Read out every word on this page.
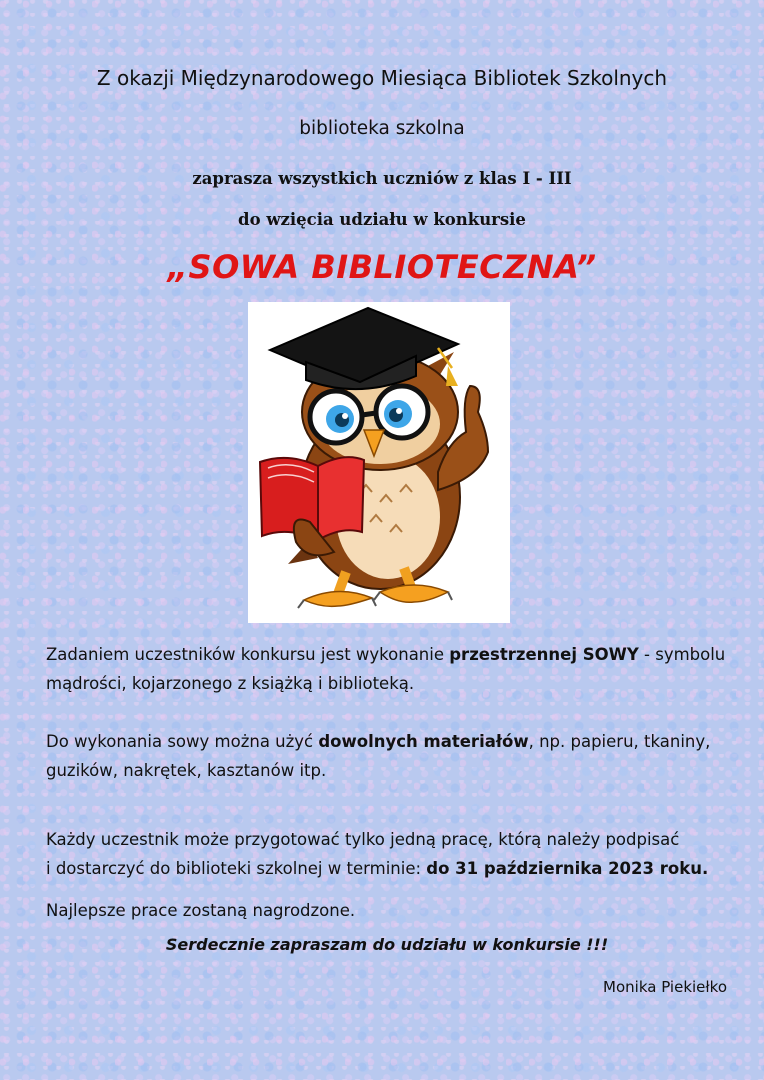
Z okazji Międzynarodowego Miesiąca Bibliotek Szkolnych
biblioteka szkolna
zaprasza wszystkich uczniów z klas I - III
do wzięcia udziału w konkursie
„SOWA BIBLIOTECZNA”
Zadaniem uczestników konkursu jest wykonanie przestrzennej SOWY - symbolu mądrości, kojarzonego z książką i biblioteką.
Do wykonania sowy można użyć dowolnych materiałów, np. papieru, tkaniny, guzików, nakrętek, kasztanów itp.
Każdy uczestnik może przygotować tylko jedną pracę, którą należy podpisać
i dostarczyć do biblioteki szkolnej w terminie: do 31 października 2023 roku.
Najlepsze prace zostaną nagrodzone.
Serdecznie zapraszam do udziału w konkursie !!!
Monika Piekiełko
